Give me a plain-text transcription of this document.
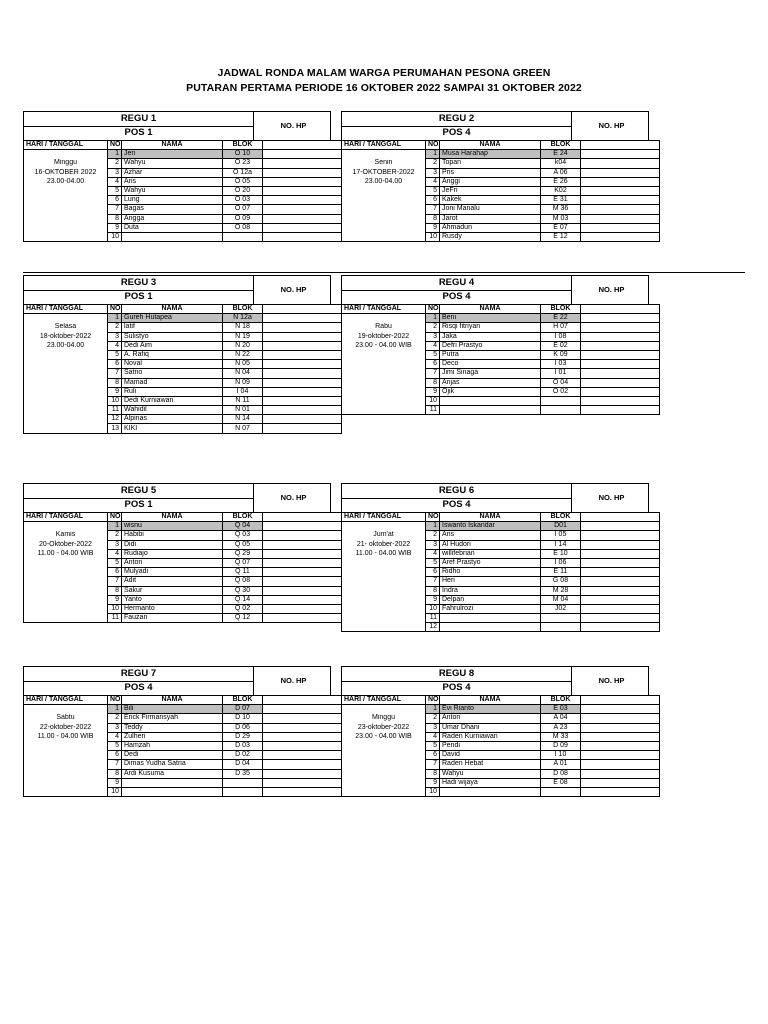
JADWAL RONDA MALAM WARGA PERUMAHAN PESONA GREEN
PUTARAN PERTAMA PERIODE 16 OKTOBER 2022 SAMPAI 31 OKTOBER 2022
REGU 1
POS 1
NO. HP
HARI / TANGGAL	NO	NAMA	BLOK	
	1	Jeri	O 10	
Minggu	2	Wahyu	O 23	
16-OKTOBER 2022	3	Azhar	O 12a	
23.00-04.00	4	Aris	O 05	
	5	Wahyu	O 20	
	6	Lung	O 03	
	7	Bagas	O 07	
	8	Angga	O 09	
	9	Duta	O 08	
	10			
REGU 2
POS 4
NO. HP
HARI / TANGGAL	NO	NAMA	BLOK	
	1	Musa Harahap	E 24	
Senin	2	Topan	k04	
17-OKTOBER-2022	3	Pris	A 06	
23.00-04.00	4	Anggi	E 26	
	5	JeFri	K02	
	6	Kakek	E 31	
	7	Joni Manalu	M 36	
	8	Jarot	M 03	
	9	Ahmadun	E 07	
	10	Rusdy	E 12	
REGU 3
POS 1
NO. HP
HARI / TANGGAL	NO	NAMA	BLOK	
	1	Gureh Hutapea	N 12a	
Selasa	2	latif	N 18	
18-oktober-2022	3	Sulistyo	N 19	
23.00-04.00	4	Dedi Aim	N 20	
	5	A. Rafiq	N 22	
	6	Noval	N 05	
	7	Satrio	N 04	
	8	Mamad	N 09	
	9	Ruli	I 04	
	10	Dedi Kurniawan	N 11	
	11	Wahidil	N 01	
	12	Alpinas	N 14	
	13	KIKI	N 07	
REGU 4
POS 4
NO. HP
HARI / TANGGAL	NO	NAMA	BLOK	
	1	Beni	E 22	
Rabu	2	Risqi fitriyan	H 07	
19-oktober-2022	3	Jaka	I 08	
23.00 - 04.00 WIB	4	Defri Prastyo	E 02	
	5	Putra	K 09	
	6	Deco	I 03	
	7	Jimi Sinaga	I 01	
	8	Anjas	O 04	
	9	Ojik	O 02	
	10			
	11			
REGU 5
POS 1
NO. HP
HARI / TANGGAL	NO	NAMA	BLOK	
	1	wisnu	Q 04	
Kamis	2	Habibi	Q 03	
20-Oktober-2022	3	Didi	Q 05	
11.00 - 04.00 WIB	4	Rudiajo	Q 29	
	5	Anton	Q 07	
	6	Mulyadi	Q 11	
	7	Adit	Q 08	
	8	Sakur	Q 30	
	9	Yanto	Q 14	
	10	Hermanto	Q 02	
	11	Fauzan	Q 12	
REGU 6
POS 4
NO. HP
HARI / TANGGAL	NO	NAMA	BLOK	
	1	Iswanto Iskandar	D01	
Jum'at	2	Aris	I 05	
21- oktober-2022	3	Al Hudori	I 14	
11.00 - 04.00 WIB	4	willifebrian	E 10	
	5	Aref Prastyo	I 06	
	6	Ridho	E 11	
	7	Heri	G 08	
	8	Indra	M 28	
	9	Delpan	M 04	
	10	Fahrulrozi	J02	
	11			
	12			
REGU 7
POS 4
NO. HP
HARI / TANGGAL	NO	NAMA	BLOK	
	1	Bili	D 07	
Sabtu	2	Erick Firmansyah	D 10	
22-oktober-2022	3	Teddy	D 06	
11.00 - 04.00 WIB	4	Zulheri	D 29	
	5	Hamzah	D 03	
	6	Dedi	D 02	
	7	Dimas Yudha Satria	D 04	
	8	Ardi Kusuma	D 35	
	9			
	10			
REGU 8
POS 4
NO. HP
HARI / TANGGAL	NO	NAMA	BLOK	
	1	Evi Rianto	E 03	
Minggu	2	Anton	A 04	
23-oktober-2022	3	Umar Dhani	A 23	
23.00 - 04.00 WIB	4	Raden Kurniawan	M 33	
	5	Pendi	D 09	
	6	David	I 10	
	7	Raden Hebat	A 01	
	8	Wahyu	D 08	
	9	Hadi wijaya	E 08	
	10			
